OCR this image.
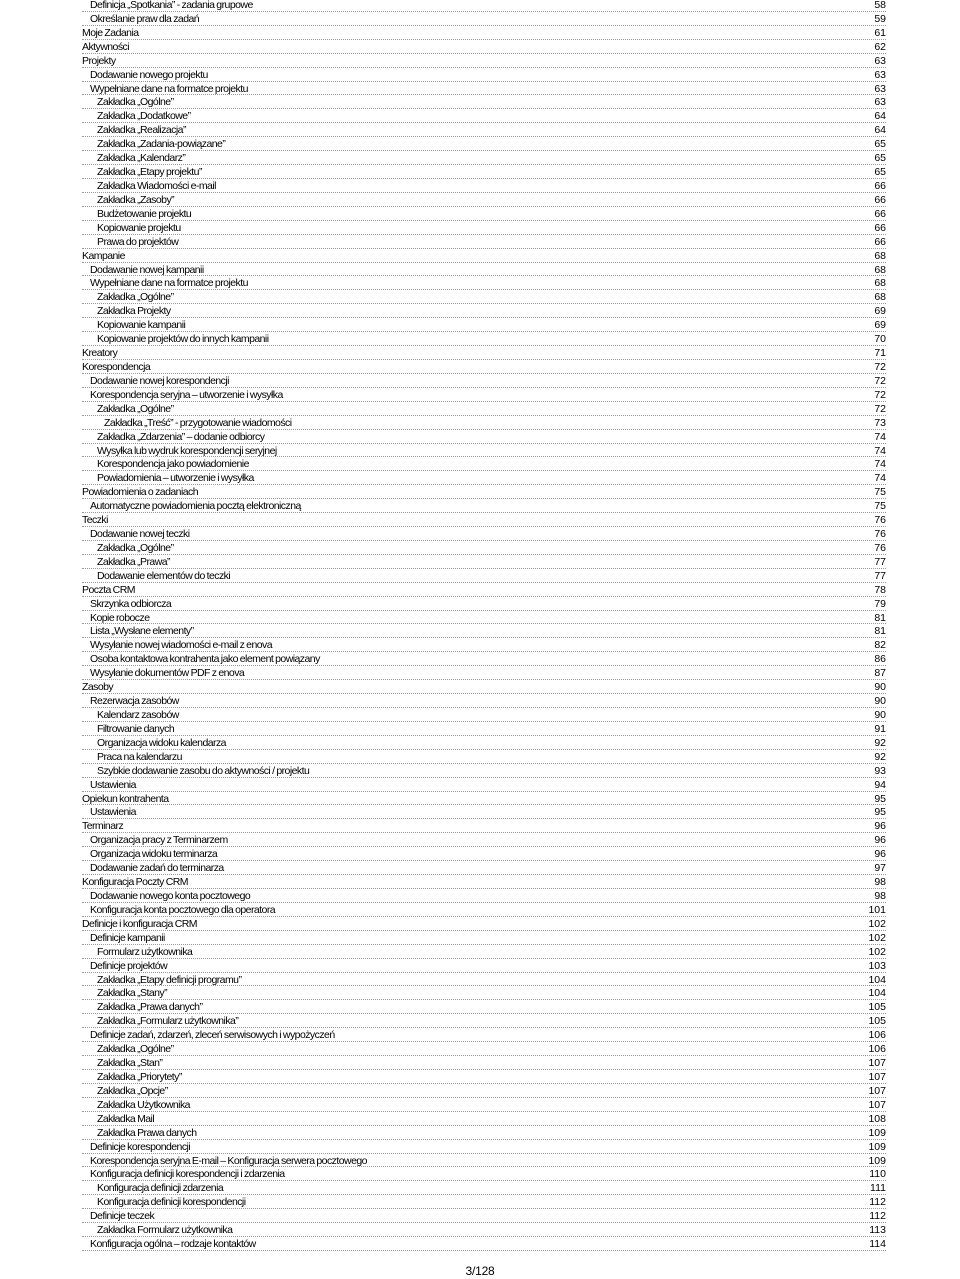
Definicja „Spotkania” - zadania grupowe	58
Określanie praw dla zadań	59
Moje Zadania	61
Aktywności	62
Projekty	63
Dodawanie nowego projektu	63
Wypełniane dane na formatce projektu	63
Zakładka „Ogólne”	63
Zakładka „Dodatkowe”	64
Zakładka „Realizacja”	64
Zakładka „Zadania-powiązane”	65
Zakładka „Kalendarz”	65
Zakładka „Etapy projektu”	65
Zakładka Wiadomości e-mail	66
Zakładka „Zasoby”	66
Budżetowanie projektu	66
Kopiowanie projektu	66
Prawa do projektów	66
Kampanie	68
Dodawanie nowej kampanii	68
Wypełniane dane na formatce projektu	68
Zakładka „Ogólne”	68
Zakładka Projekty	69
Kopiowanie kampanii	69
Kopiowanie projektów do innych kampanii	70
Kreatory	71
Korespondencja	72
Dodawanie nowej korespondencji	72
Korespondencja seryjna – utworzenie i wysyłka	72
Zakładka „Ogólne”	72
Zakładka „Treść” - przygotowanie wiadomości	73
Zakładka „Zdarzenia” – dodanie odbiorcy	74
Wysyłka lub wydruk korespondencji seryjnej	74
Korespondencja jako powiadomienie	74
Powiadomienia – utworzenie i wysyłka	74
Powiadomienia o zadaniach	75
Automatyczne powiadomienia pocztą elektroniczną	75
Teczki	76
Dodawanie nowej teczki	76
Zakładka „Ogólne”	76
Zakładka „Prawa”	77
Dodawanie elementów do teczki	77
Poczta CRM	78
Skrzynka odbiorcza	79
Kopie robocze	81
Lista „Wysłane elementy”	81
Wysyłanie nowej wiadomości e-mail z enova	82
Osoba kontaktowa kontrahenta jako element powiązany	86
Wysyłanie dokumentów PDF z enova	87
Zasoby	90
Rezerwacja zasobów	90
Kalendarz zasobów	90
Filtrowanie danych	91
Organizacja widoku kalendarza	92
Praca na kalendarzu	92
Szybkie dodawanie zasobu do aktywności / projektu	93
Ustawienia	94
Opiekun kontrahenta	95
Ustawienia	95
Terminarz	96
Organizacja pracy z Terminarzem	96
Organizacja widoku terminarza	96
Dodawanie zadań do terminarza	97
Konfiguracja Poczty CRM	98
Dodawanie nowego konta pocztowego	98
Konfiguracja konta pocztowego dla operatora	101
Definicje i konfiguracja CRM	102
Definicje kampanii	102
Formularz użytkownika	102
Definicje projektów	103
Zakładka „Etapy definicji programu”	104
Zakładka „Stany”	104
Zakładka „Prawa danych”	105
Zakładka „Formularz użytkownika”	105
Definicje zadań, zdarzeń, zleceń serwisowych i wypożyczeń	106
Zakładka „Ogólne”	106
Zakładka „Stan”	107
Zakładka „Priorytety”	107
Zakładka „Opcje”	107
Zakładka Użytkownika	107
Zakładka Mail	108
Zakładka Prawa danych	109
Definicje korespondencji	109
Korespondencja seryjna E-mail – Konfiguracja serwera pocztowego	109
Konfiguracja definicji korespondencji i zdarzenia	110
Konfiguracja definicji zdarzenia	111
Konfiguracja definicji korespondencji	112
Definicje teczek	112
Zakładka Formularz użytkownika	113
Konfiguracja ogólna – rodzaje kontaktów	114
3/128
